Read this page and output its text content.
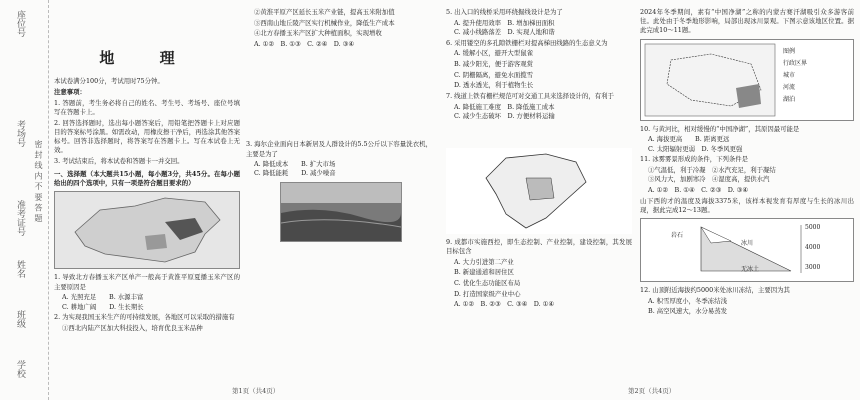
座位号
考场号
准考证号
姓名
班级
学校
密 封 线 内 不 要 答 题
地 理
本试卷满分100分，考试用时75分钟。
注意事项：
1. 答题前，考生务必将自己的姓名、考生号、考场号、座位号填写在答题卡上。
2. 回答选择题时，选出每小题答案后，用铅笔把答题卡上对应题目的答案标号涂黑。如需改动，用橡皮擦干净后，再选涂其他答案标号。回答非选择题时，将答案写在答题卡上。写在本试卷上无效。
3. 考试结束后，将本试卷和答题卡一并交回。
一、选择题（本大题共15小题，每小题3分，共45分。在每小题给出的四个选项中，只有一项是符合题目要求的）
1. 导致北方春播玉米产区单产一般高于黄淮平原夏播玉米产区的主要原因是
A. 光照充足　　 B. 水源丰富
C. 耕地广阔　　 D. 生长期长
2. 为实现我国玉米生产的可持续发展，各地区可以采取的措施有
①西北内陆产区加大科技投入，培育优良玉米品种
②黄淮平原产区延长玉米产业链，提高玉米附加值
③西南山地丘陵产区实行机械作业，降低生产成本
④北方春播玉米产区扩大种植面积，实现增收
A. ①②　 B. ①③　 C. ②④　 D. ③④
3. 海尔企业面向日本新居及人群设计的5.5公斤以下容量洗衣机，主要是为了
A. 降低成本　　 B. 扩大市场
C. 降低能耗　　 D. 减少噪音
5. 出入口的线桥采用环绕掘线设计是为了
A. 提升使用效率　 B. 增加梯田面积
C. 减小线路落差　 D. 实现人地和谐
6. 采用镂空的多孔隙铁栅栏对提高梯田线路的生态意义为
A. 缓解小区，避开大型鼠雀
B. 减少阳光，便于游客观赏
C. 阴栅隔离，避免水面揽雪
D. 透水透光，利于植物生长
7. 线道上铁有栅栏规范可对交通工具来选择设计的，有利于
A. 降低施工难度　 B. 降低施工成本
C. 减少生态破坏　 D. 方便材料运输
9. 成都市实施西控，即生态控制、产业控制，建设控制，其发展目标包含
A. 大力引进第二产业
B. 新建通道和居住区
C. 优化生态功能区布局
D. 打造国家级产业中心
A. ①②　 B. ②③　 C. ③④　 D. ①④
2024年冬季期间，素有“中国净湖”之称的内蒙古赛汗湖吸引众多游客前往。此处由于冬季地形影响，局部出现冰川景观。下图示意该地区位置。据此完成10～11题。
图例
行政区界
城市
河流
湖泊
10. 与黄河比，相对缓慢的“中国净湖”，其原因最可能是
A. 海拔更高　　 B. 距离更远
C. 太阳辐射更弱　 D. 冬季风更强
11. 冰雾雾景形成的条件，下列条件是
①气温低，利于冷凝　 ②水汽充足，利于凝结
③风力大，加剧寒冷　 ④湿度高，提供水汽
A. ①②　 B. ①④　 C. ②③　 D. ③④
山下西的才的温度及海拔3375米，该样本视发育有厚度与生长的冰川出现，据此完成12～13题。
岩石
冰川
无冰土
5000
4000
3000
12. 山顶附近海拔约5000米处冰川冻结，主要因为其
A. 积雪厚度小，冬季冻结浅
B. 高空风速大，水分易蒸发
第1页（共4页）	第2页（共4页）
